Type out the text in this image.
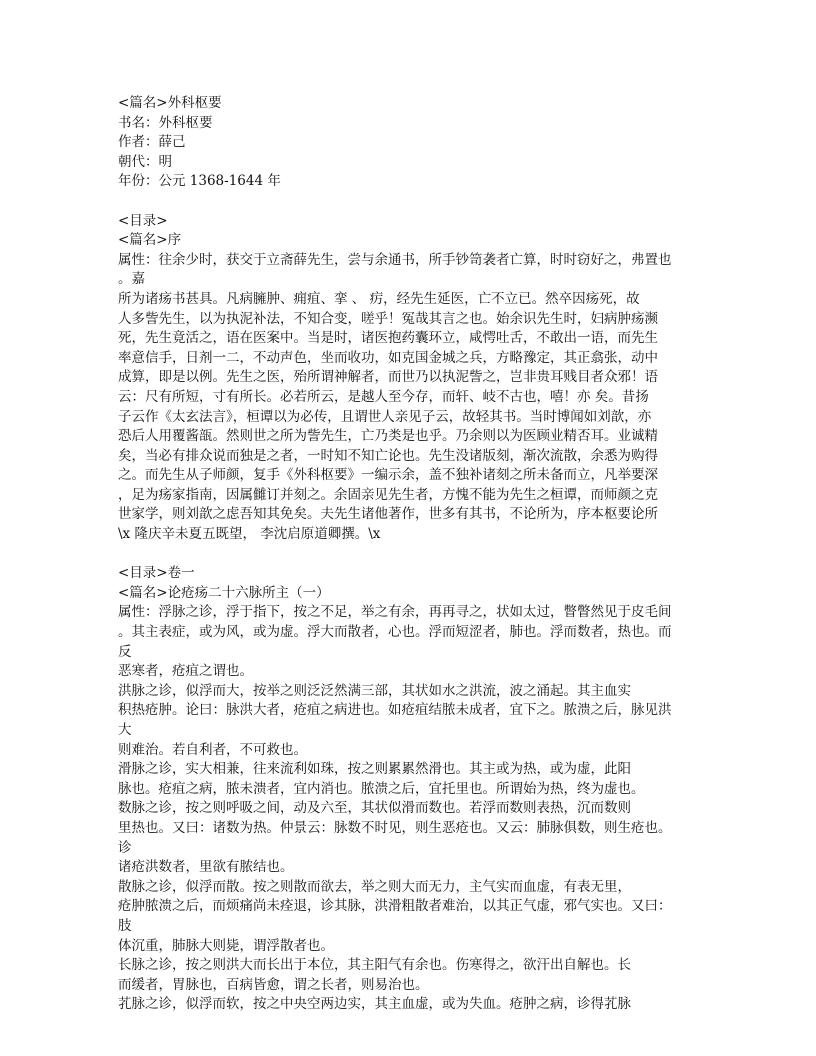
<篇名>外科枢要

书名：外科枢要

作者：薛己

朝代：明

年份：公元 1368-1644 年

<目录>

<篇名>序

属性：往余少时，获交于立斋薛先生，尝与余通书，所手钞笥袭者亡算，时时窃好之，弗置也

。嘉

所为诸疡书甚具。凡病臃肿、痈疽、挛 、 疠，经先生延医，亡不立已。然卒因疡死，故

人多訾先生，以为执泥补法，不知合变，嗟乎！冤哉其言之也。始余识先生时，妇病肿疡濒

死，先生竟活之，语在医案中。当是时，诸医抱药囊环立，咸愕吐舌，不敢出一语，而先生

率意信手，日剂一二，不动声色，坐而收功，如克国金城之兵，方略豫定，其正翕张，动中

成算，即是以例。先生之医，殆所谓神解者，而世乃以执泥訾之，岂非贵耳贱目者众邪！语

云：尺有所短，寸有所长。必若所云，是越人至今存，而轩、岐不古也，嘻！亦 矣。昔扬

子云作《太玄法言》，桓谭以为必传，且谓世人亲见子云，故轻其书。当时博闻如刘歆，亦

恐后人用覆酱瓿。然则世之所为訾先生，亡乃类是也乎。乃余则以为医顾业精否耳。业诚精

矣，当必有排众说而独是之者，一时知不知亡论也。先生没诸版刻，渐次流散，余悉为购得

之。而先生从子师颜，复手《外科枢要》一编示余，盖不独补诸刻之所未备而立，凡举要深

，足为疡家指南，因属雠订并刻之。余固亲见先生者，方愧不能为先生之桓谭，而师颜之克

世家学，则刘歆之虑吾知其免矣。夫先生诸他著作，世多有其书，不论所为，序本枢要论所

\x 隆庆辛未夏五既望， 李沈启原道卿撰。\x

<目录>卷一

<篇名>论疮疡二十六脉所主（一）

属性：浮脉之诊，浮于指下，按之不足，举之有余，再再寻之，状如太过，瞥瞥然见于皮毛间

。其主表症，或为风，或为虚。浮大而散者，心也。浮而短涩者，肺也。浮而数者，热也。而

反

恶寒者，疮疽之谓也。

洪脉之诊，似浮而大，按举之则泛泛然满三部，其状如水之洪流，波之涌起。其主血实

积热疮肿。论曰：脉洪大者，疮疽之病进也。如疮疽结脓未成者，宜下之。脓溃之后，脉见洪

大

则难治。若自利者，不可救也。

滑脉之诊，实大相兼，往来流利如珠，按之则累累然滑也。其主或为热，或为虚，此阳

脉也。疮疽之病，脓未溃者，宜内消也。脓溃之后，宜托里也。所谓始为热，终为虚也。

数脉之诊，按之则呼吸之间，动及六至，其状似滑而数也。若浮而数则表热，沉而数则

里热也。又曰：诸数为热。仲景云：脉数不时见，则生恶疮也。又云：肺脉俱数，则生疮也。

诊

诸疮洪数者，里欲有脓结也。

散脉之诊，似浮而散。按之则散而欲去，举之则大而无力，主气实而血虚，有表无里，

疮肿脓溃之后，而烦痛尚未痊退，诊其脉，洪滑粗散者难治，以其正气虚，邪气实也。又曰：

肢

体沉重，肺脉大则毙，谓浮散者也。

长脉之诊，按之则洪大而长出于本位，其主阳气有余也。伤寒得之，欲汗出自解也。长

而缓者，胃脉也，百病皆愈，谓之长者，则易治也。

芤脉之诊，似浮而软，按之中央空两边实，其主血虚，或为失血。疮肿之病，诊得芤脉
